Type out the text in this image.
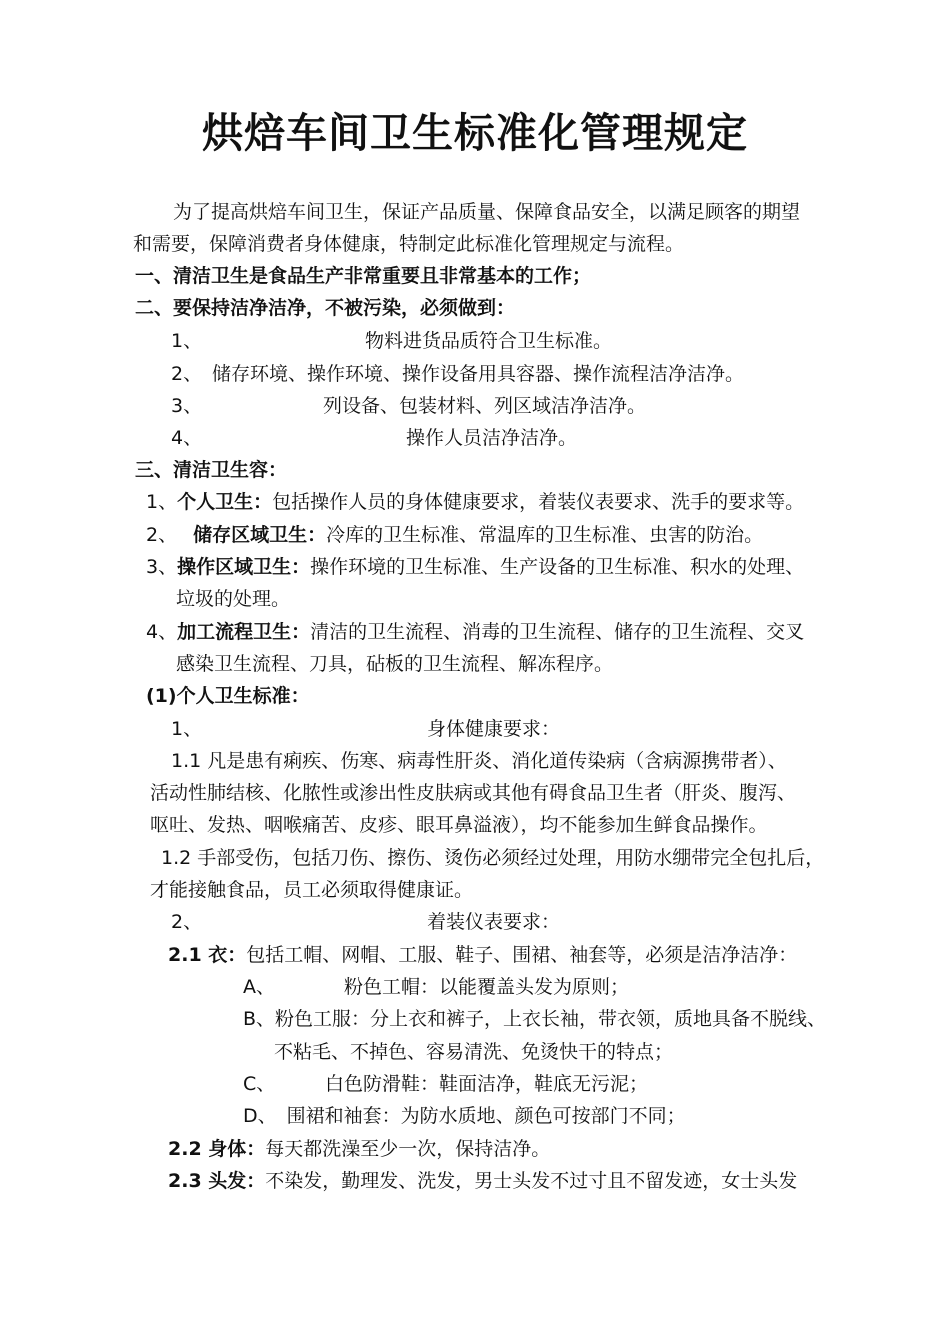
烘焙车间卫生标准化管理规定
为了提高烘焙车间卫生，保证产品质量、保障食品安全，以满足顾客的期望
和需要，保障消费者身体健康，特制定此标准化管理规定与流程。
一、清洁卫生是食品生产非常重要且非常基本的工作；
二、要保持洁净洁净，不被污染，必须做到：
1、	物料进货品质符合卫生标准。
2、 储存环境、操作环境、操作设备用具容器、操作流程洁净洁净。
3、	列设备、包装材料、列区域洁净洁净。
4、	操作人员洁净洁净。
三、清洁卫生容：
1、个人卫生：包括操作人员的身体健康要求，着装仪表要求、洗手的要求等。
2、 储存区域卫生：冷库的卫生标准、常温库的卫生标准、虫害的防治。
3、操作区域卫生：操作环境的卫生标准、生产设备的卫生标准、积水的处理、
垃圾的处理。
4、加工流程卫生：清洁的卫生流程、消毒的卫生流程、储存的卫生流程、交叉
感染卫生流程、刀具，砧板的卫生流程、解冻程序。
(1)个人卫生标准：
1、	身体健康要求：
1.1 凡是患有痢疾、伤寒、病毒性肝炎、消化道传染病（含病源携带者）、
活动性肺结核、化脓性或渗出性皮肤病或其他有碍食品卫生者（肝炎、腹泻、
呕吐、发热、咽喉痛苦、皮疹、眼耳鼻溢液），均不能参加生鲜食品操作。
1.2 手部受伤，包括刀伤、擦伤、烫伤必须经过处理，用防水绷带完全包扎后，
才能接触食品，员工必须取得健康证。
2、	着装仪表要求：
2.1 衣：包括工帽、网帽、工服、鞋子、围裙、袖套等，必须是洁净洁净：
A、	粉色工帽：以能覆盖头发为原则；
B、粉色工服：分上衣和裤子，上衣长袖，带衣领，质地具备不脱线、
不粘毛、不掉色、容易清洗、免烫快干的特点；
C、	白色防滑鞋：鞋面洁净，鞋底无污泥；
D、 围裙和袖套：为防水质地、颜色可按部门不同；
2.2 身体：每天都洗澡至少一次，保持洁净。
2.3 头发：不染发，勤理发、洗发，男士头发不过寸且不留发迹，女士头发
